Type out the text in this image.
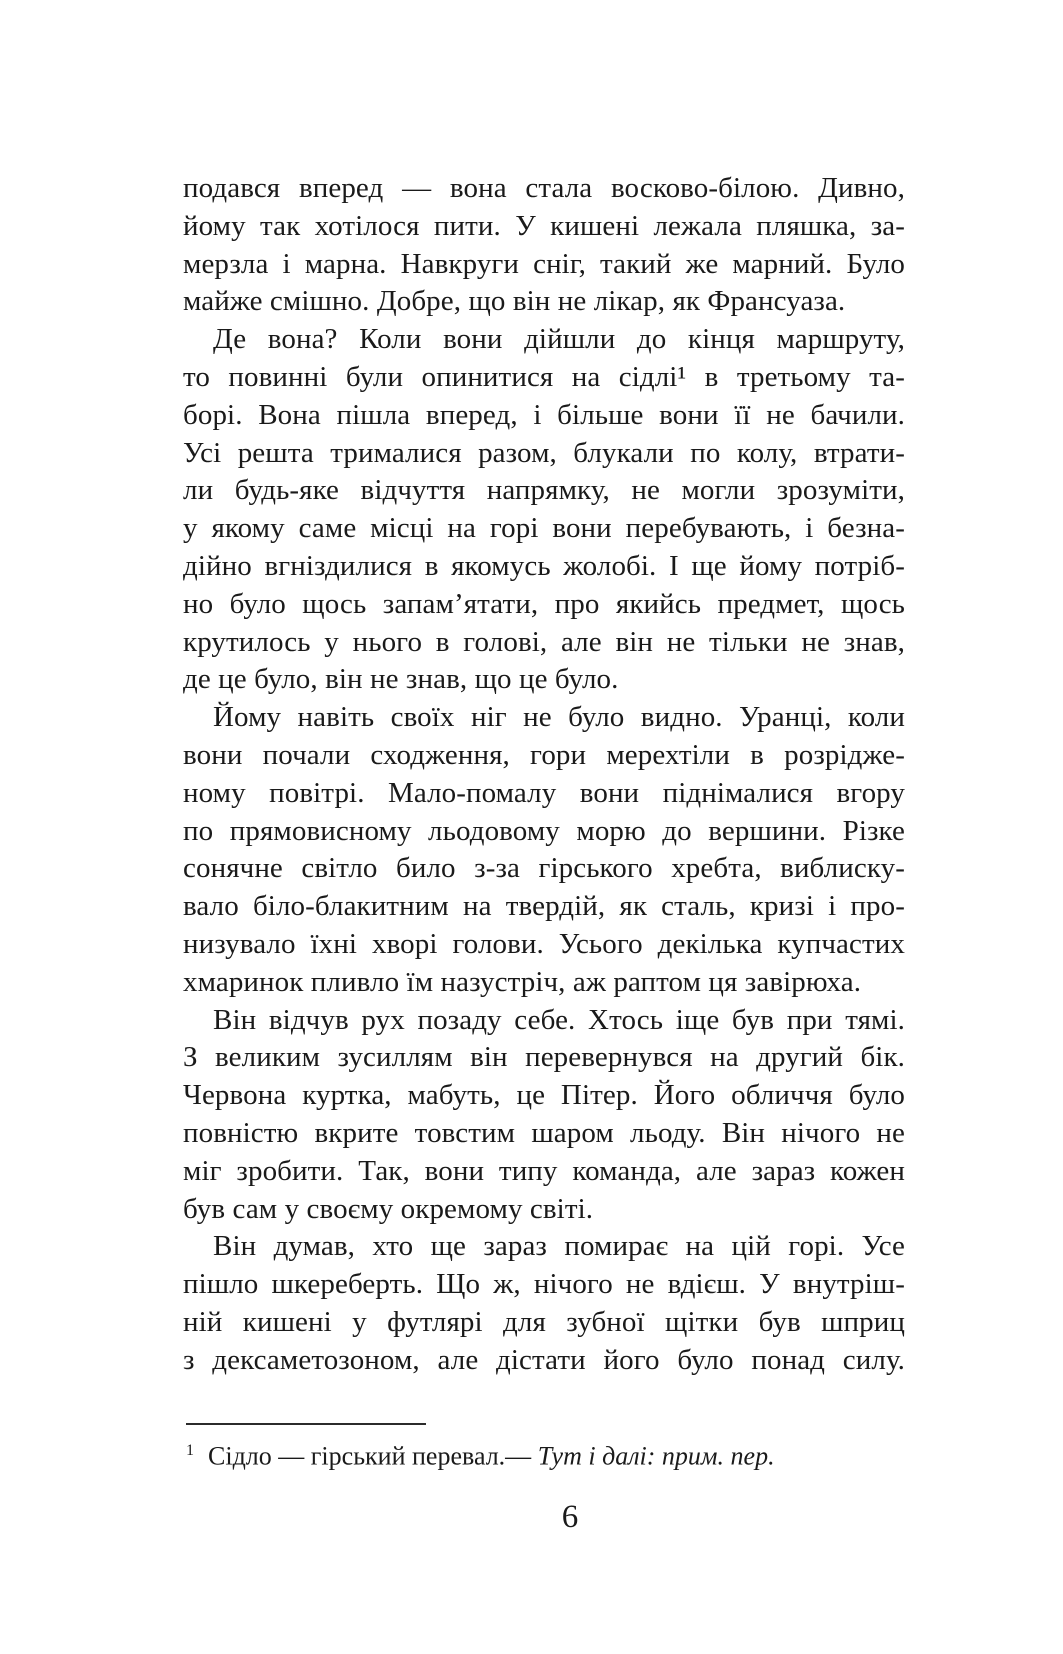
подався вперед — вона стала восково-білою. Дивно,
йому так хотілося пити. У кишені лежала пляшка, за-
мерзла і марна. Навкруги сніг, такий же марний. Було
майже смішно. Добре, що він не лікар, як Франсуаза.
Де вона? Коли вони дійшли до кінця маршруту,
то повинні були опинитися на сідлі¹ в третьому та-
борі. Вона пішла вперед, і більше вони її не бачили.
Усі решта трималися разом, блукали по колу, втрати-
ли будь-яке відчуття напрямку, не могли зрозуміти,
у якому саме місці на горі вони перебувають, і безна-
дійно вгніздилися в якомусь жолобі. І ще йому потріб-
но було щось запам’ятати, про якийсь предмет, щось
крутилось у нього в голові, але він не тільки не знав,
де це було, він не знав, що це було.
Йому навіть своїх ніг не було видно. Уранці, коли
вони почали сходження, гори мерехтіли в розрідже-
ному повітрі. Мало-помалу вони піднімалися вгору
по прямовисному льодовому морю до вершини. Різке
сонячне світло било з-за гірського хребта, виблиску-
вало біло-блакитним на твердій, як сталь, кризі і про-
низувало їхні хворі голови. Усього декілька купчастих
хмаринок пливло їм назустріч, аж раптом ця завірюха.
Він відчув рух позаду себе. Хтось іще був при тямі.
З великим зусиллям він перевернувся на другий бік.
Червона куртка, мабуть, це Пітер. Його обличчя було
повністю вкрите товстим шаром льоду. Він нічого не
міг зробити. Так, вони типу команда, але зараз кожен
був сам у своєму окремому світі.
Він думав, хто ще зараз помирає на цій горі. Усе
пішло шкереберть. Що ж, нічого не вдієш. У внутріш-
ній кишені у футлярі для зубної щітки був шприц
з дексаметозоном, але дістати його було понад силу.
$^1$ Сідло — гірський перевал.— Тут і далі: прим. пер.
6
